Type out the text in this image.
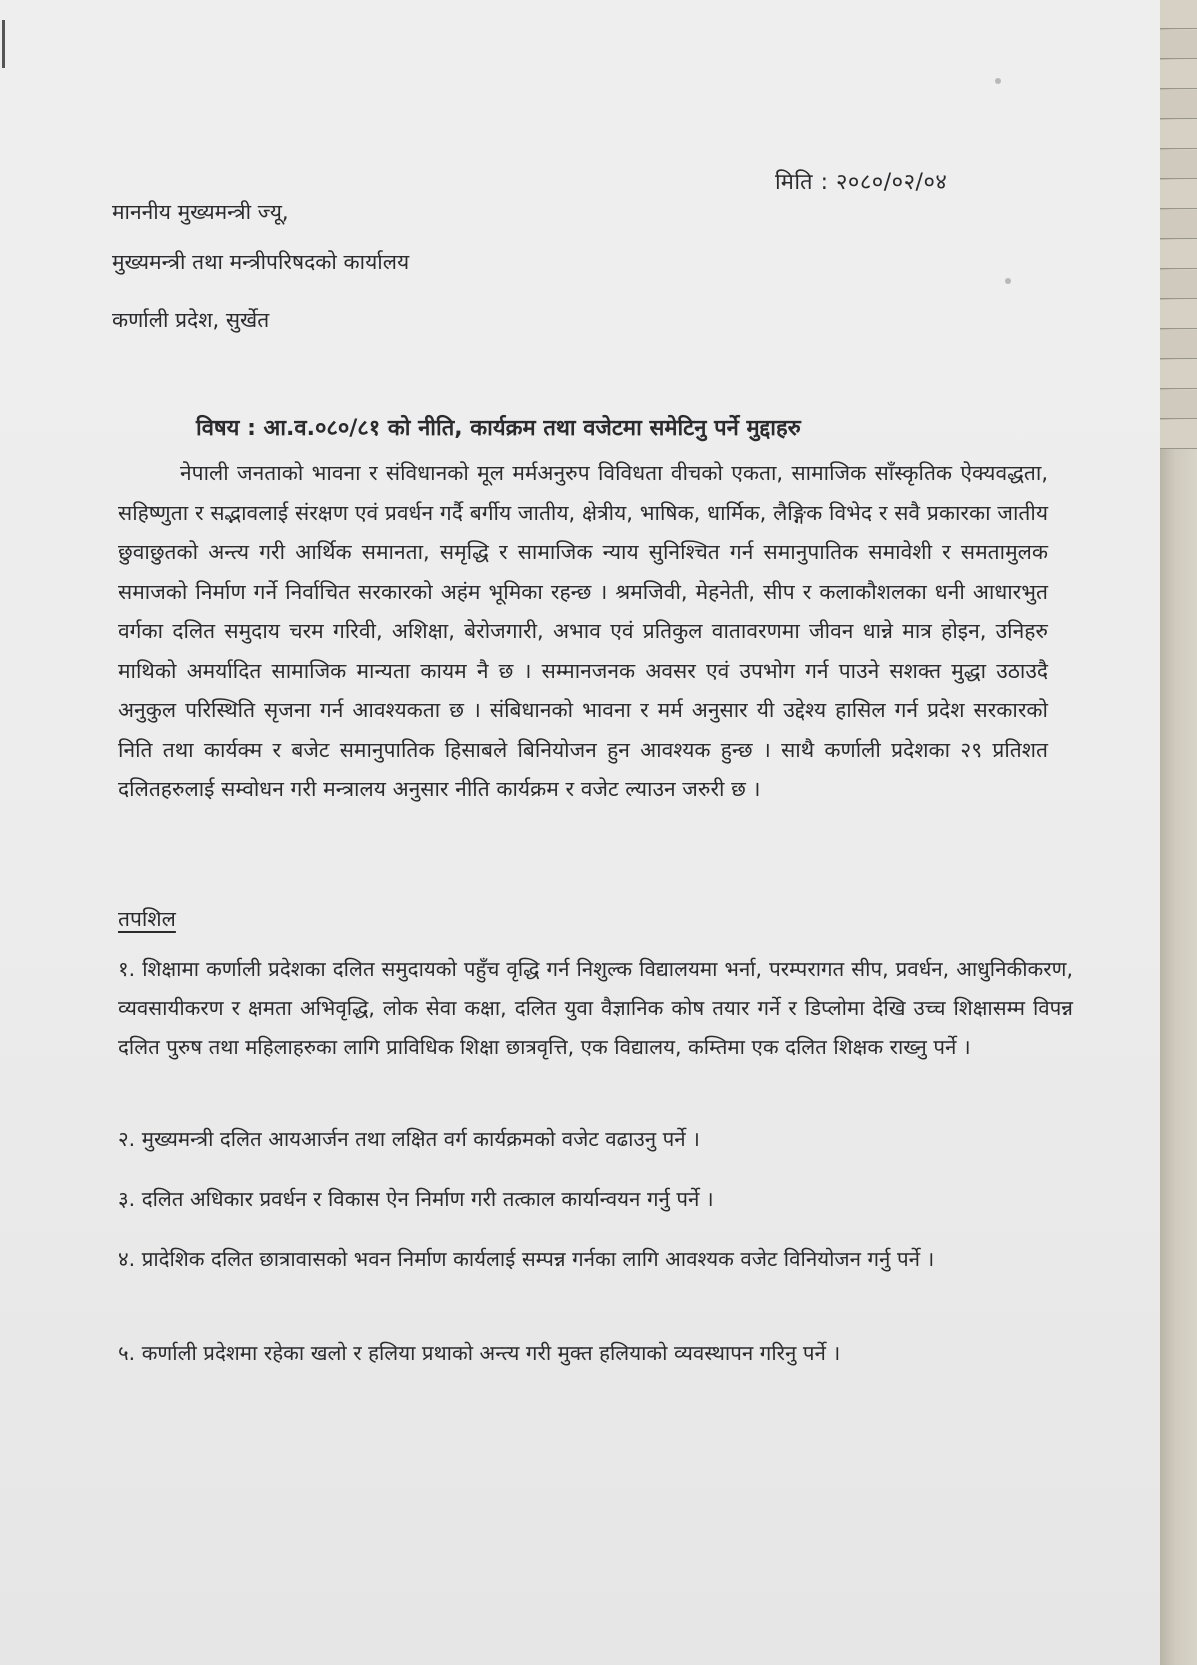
मिति : २०८०/०२/०४
माननीय मुख्यमन्त्री ज्यू,
मुख्यमन्त्री तथा मन्त्रीपरिषदको कार्यालय
कर्णाली प्रदेश, सुर्खेत
विषय : आ.व.०८०/८१ को नीति, कार्यक्रम तथा वजेटमा समेटिनु पर्ने मुद्दाहरु
नेपाली जनताको भावना र संविधानको मूल मर्मअनुरुप विविधता वीचको एकता, सामाजिक साँस्कृतिक ऐक्यवद्धता, सहिष्णुता र सद्भावलाई संरक्षण एवं प्रवर्धन गर्दै बर्गीय जातीय, क्षेत्रीय, भाषिक, धार्मिक, लैङ्गिक विभेद र सवै प्रकारका जातीय छुवाछुतको अन्त्य गरी आर्थिक समानता, समृद्धि र सामाजिक न्याय सुनिश्चित गर्न समानुपातिक समावेशी र समतामुलक समाजको निर्माण गर्ने निर्वाचित सरकारको अहंम भूमिका रहन्छ । श्रमजिवी, मेहनेती, सीप र कलाकौशलका धनी आधारभुत वर्गका दलित समुदाय चरम गरिवी, अशिक्षा, बेरोजगारी, अभाव एवं प्रतिकुल वातावरणमा जीवन धान्ने मात्र होइन, उनिहरु माथिको अमर्यादित सामाजिक मान्यता कायम नै छ । सम्मानजनक अवसर एवं उपभोग गर्न पाउने सशक्त मुद्धा उठाउदै अनुकुल परिस्थिति सृजना गर्न आवश्यकता छ । संबिधानको भावना र मर्म अनुसार यी उद्देश्य हासिल गर्न प्रदेश सरकारको निति तथा कार्यक्म र बजेट समानुपातिक हिसाबले बिनियोजन हुन आवश्यक हुन्छ । साथै कर्णाली प्रदेशका २९ प्रतिशत दलितहरुलाई सम्वोधन गरी मन्त्रालय अनुसार नीति कार्यक्रम र वजेट ल्याउन जरुरी छ ।
तपशिल
१. शिक्षामा कर्णाली प्रदेशका दलित समुदायको पहुँच वृद्धि गर्न निशुल्क विद्यालयमा भर्ना, परम्परागत सीप, प्रवर्धन, आधुनिकीकरण, व्यवसायीकरण र क्षमता अभिवृद्धि, लोक सेवा कक्षा, दलित युवा वैज्ञानिक कोष तयार गर्ने र डिप्लोमा देखि उच्च शिक्षासम्म विपन्न दलित पुरुष तथा महिलाहरुका लागि प्राविधिक शिक्षा छात्रवृत्ति, एक विद्यालय, कम्तिमा एक दलित शिक्षक राख्नु पर्ने ।
२. मुख्यमन्त्री दलित आयआर्जन तथा लक्षित वर्ग कार्यक्रमको वजेट वढाउनु पर्ने ।
३. दलित अधिकार प्रवर्धन र विकास ऐन निर्माण गरी तत्काल कार्यान्वयन गर्नु पर्ने ।
४. प्रादेशिक दलित छात्रावासको भवन निर्माण कार्यलाई सम्पन्न गर्नका लागि आवश्यक वजेट विनियोजन गर्नु पर्ने ।
५. कर्णाली प्रदेशमा रहेका खलो र हलिया प्रथाको अन्त्य गरी मुक्त हलियाको व्यवस्थापन गरिनु पर्ने ।
